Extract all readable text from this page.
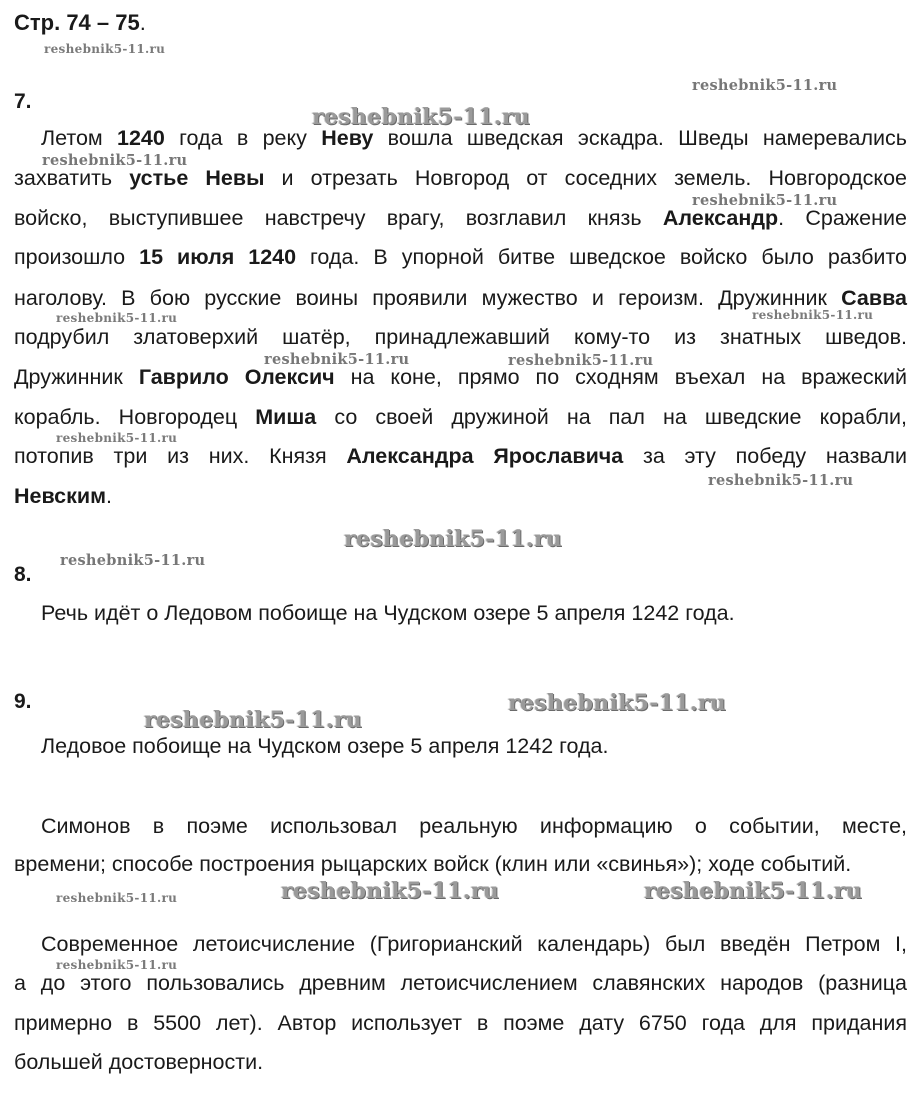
Стр. 74 – 75.
7.
Летом 1240 года в реку Неву вошла шведская эскадра. Шведы намеревались
захватить устье Невы и отрезать Новгород от соседних земель. Новгородское
войско, выступившее навстречу врагу, возглавил князь Александр. Сражение
произошло 15 июля 1240 года. В упорной битве шведское войско было разбито
наголову. В бою русские воины проявили мужество и героизм. Дружинник Савва
подрубил златоверхий шатёр, принадлежавший кому-то из знатных шведов.
Дружинник Гаврило Олексич на коне, прямо по сходням въехал на вражеский
корабль. Новгородец Миша со своей дружиной на пал на шведские корабли,
потопив три из них. Князя Александра Ярославича за эту победу назвали
Невским.
8.
Речь идёт о Ледовом побоище на Чудском озере 5 апреля 1242 года.
9.
Ледовое побоище на Чудском озере 5 апреля 1242 года.
Симонов в поэме использовал реальную информацию о событии, месте,
времени; способе построения рыцарских войск (клин или «свинья»); ходе событий.
Современное летоисчисление (Григорианский календарь) был введён Петром I,
а до этого пользовались древним летоисчислением славянских народов (разница
примерно в 5500 лет). Автор использует в поэме дату 6750 года для придания
большей достоверности.
reshebnik5-11.ru
reshebnik5-11.ru
reshebnik5-11.ru
reshebnik5-11.ru
reshebnik5-11.ru
reshebnik5-11.ru	reshebnik5-11.ru
reshebnik5-11.ru	reshebnik5-11.ru
reshebnik5-11.ru
reshebnik5-11.ru
reshebnik5-11.ru
reshebnik5-11.ru
reshebnik5-11.ru
reshebnik5-11.ru
reshebnik5-11.ru	reshebnik5-11.ru	reshebnik5-11.ru
reshebnik5-11.ru
